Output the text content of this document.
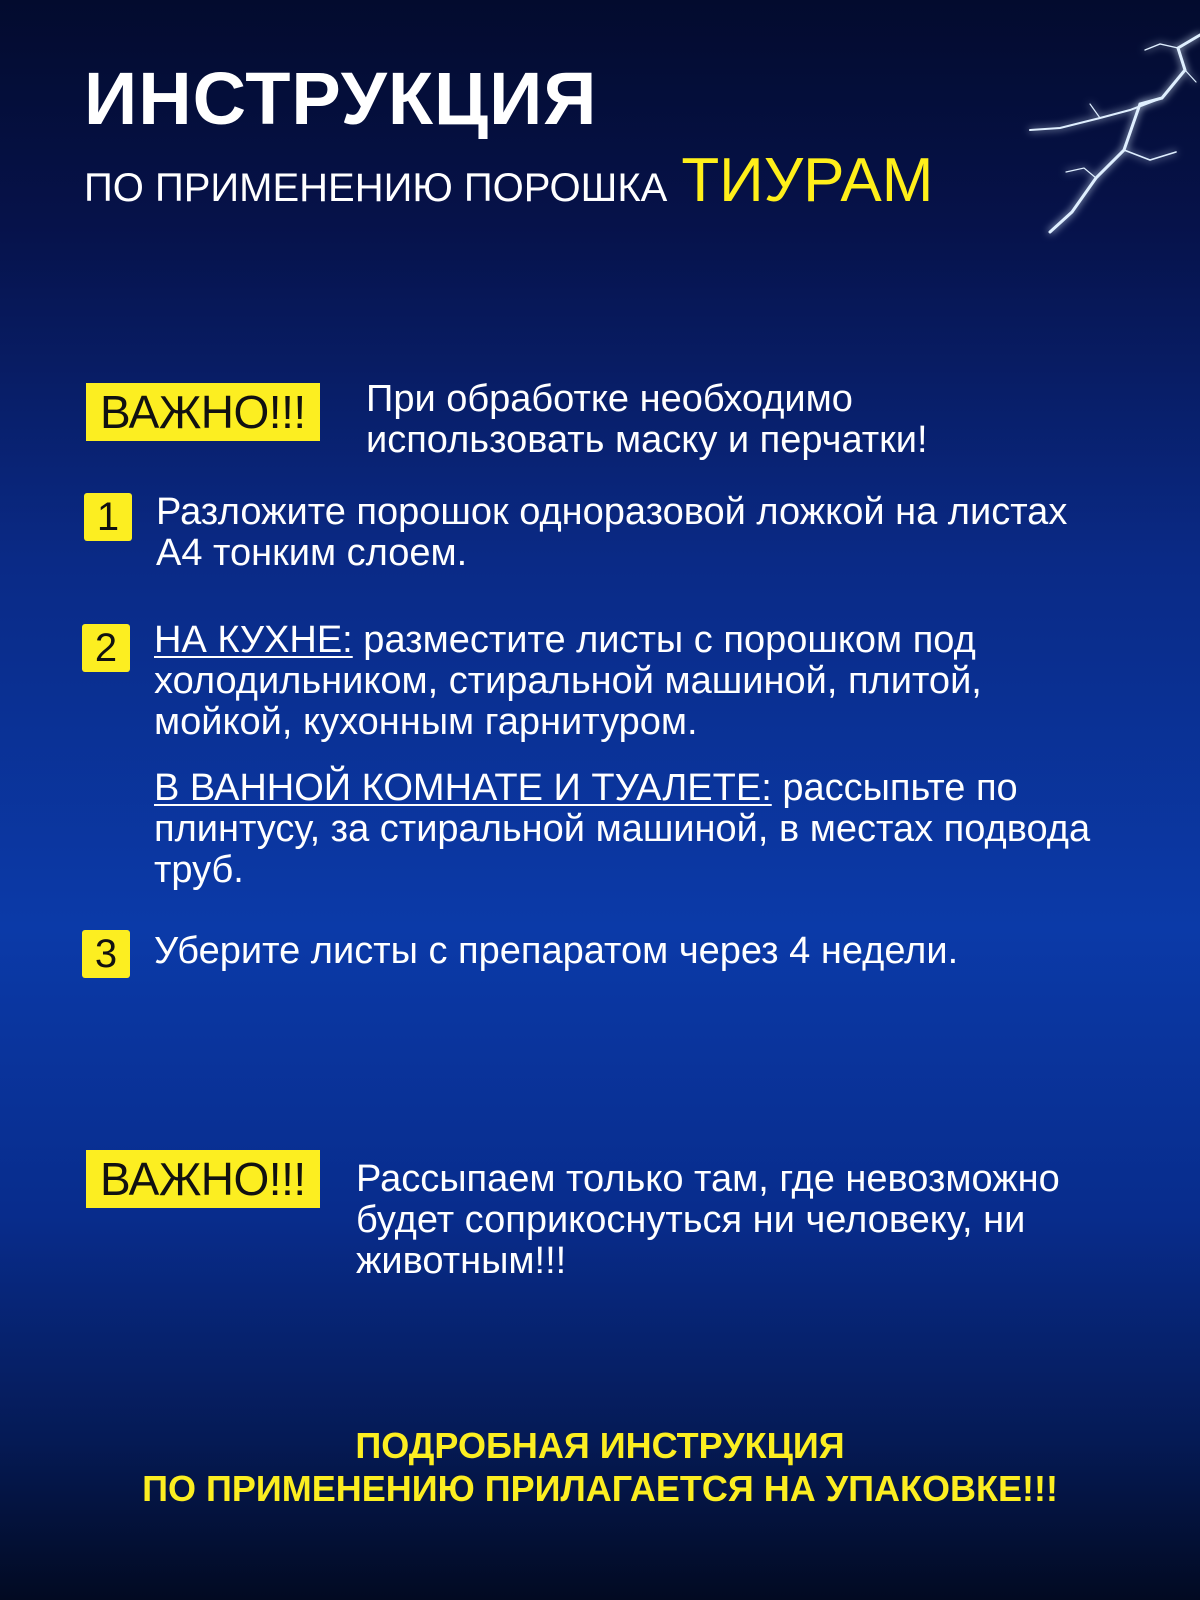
ИНСТРУКЦИЯ
ПО ПРИМЕНЕНИЮ ПОРОШКА ТИУРАМ
ВАЖНО!!!	При обработке необходимо использовать маску и перчатки!
1 Разложите порошок одноразовой ложкой на листах А4 тонким слоем.
2 НА КУХНЕ: разместите листы с порошком под холодильником, стиральной машиной, плитой, мойкой, кухонным гарнитуром.
В ВАННОЙ КОМНАТЕ И ТУАЛЕТЕ: рассыпьте по плинтусу, за стиральной машиной, в местах подвода труб.
3 Уберите листы с препаратом через 4 недели.
ВАЖНО!!!	Рассыпаем только там, где невозможно будет соприкоснуться ни человеку, ни животным!!!
ПОДРОБНАЯ ИНСТРУКЦИЯ
ПО ПРИМЕНЕНИЮ ПРИЛАГАЕТСЯ НА УПАКОВКЕ!!!
